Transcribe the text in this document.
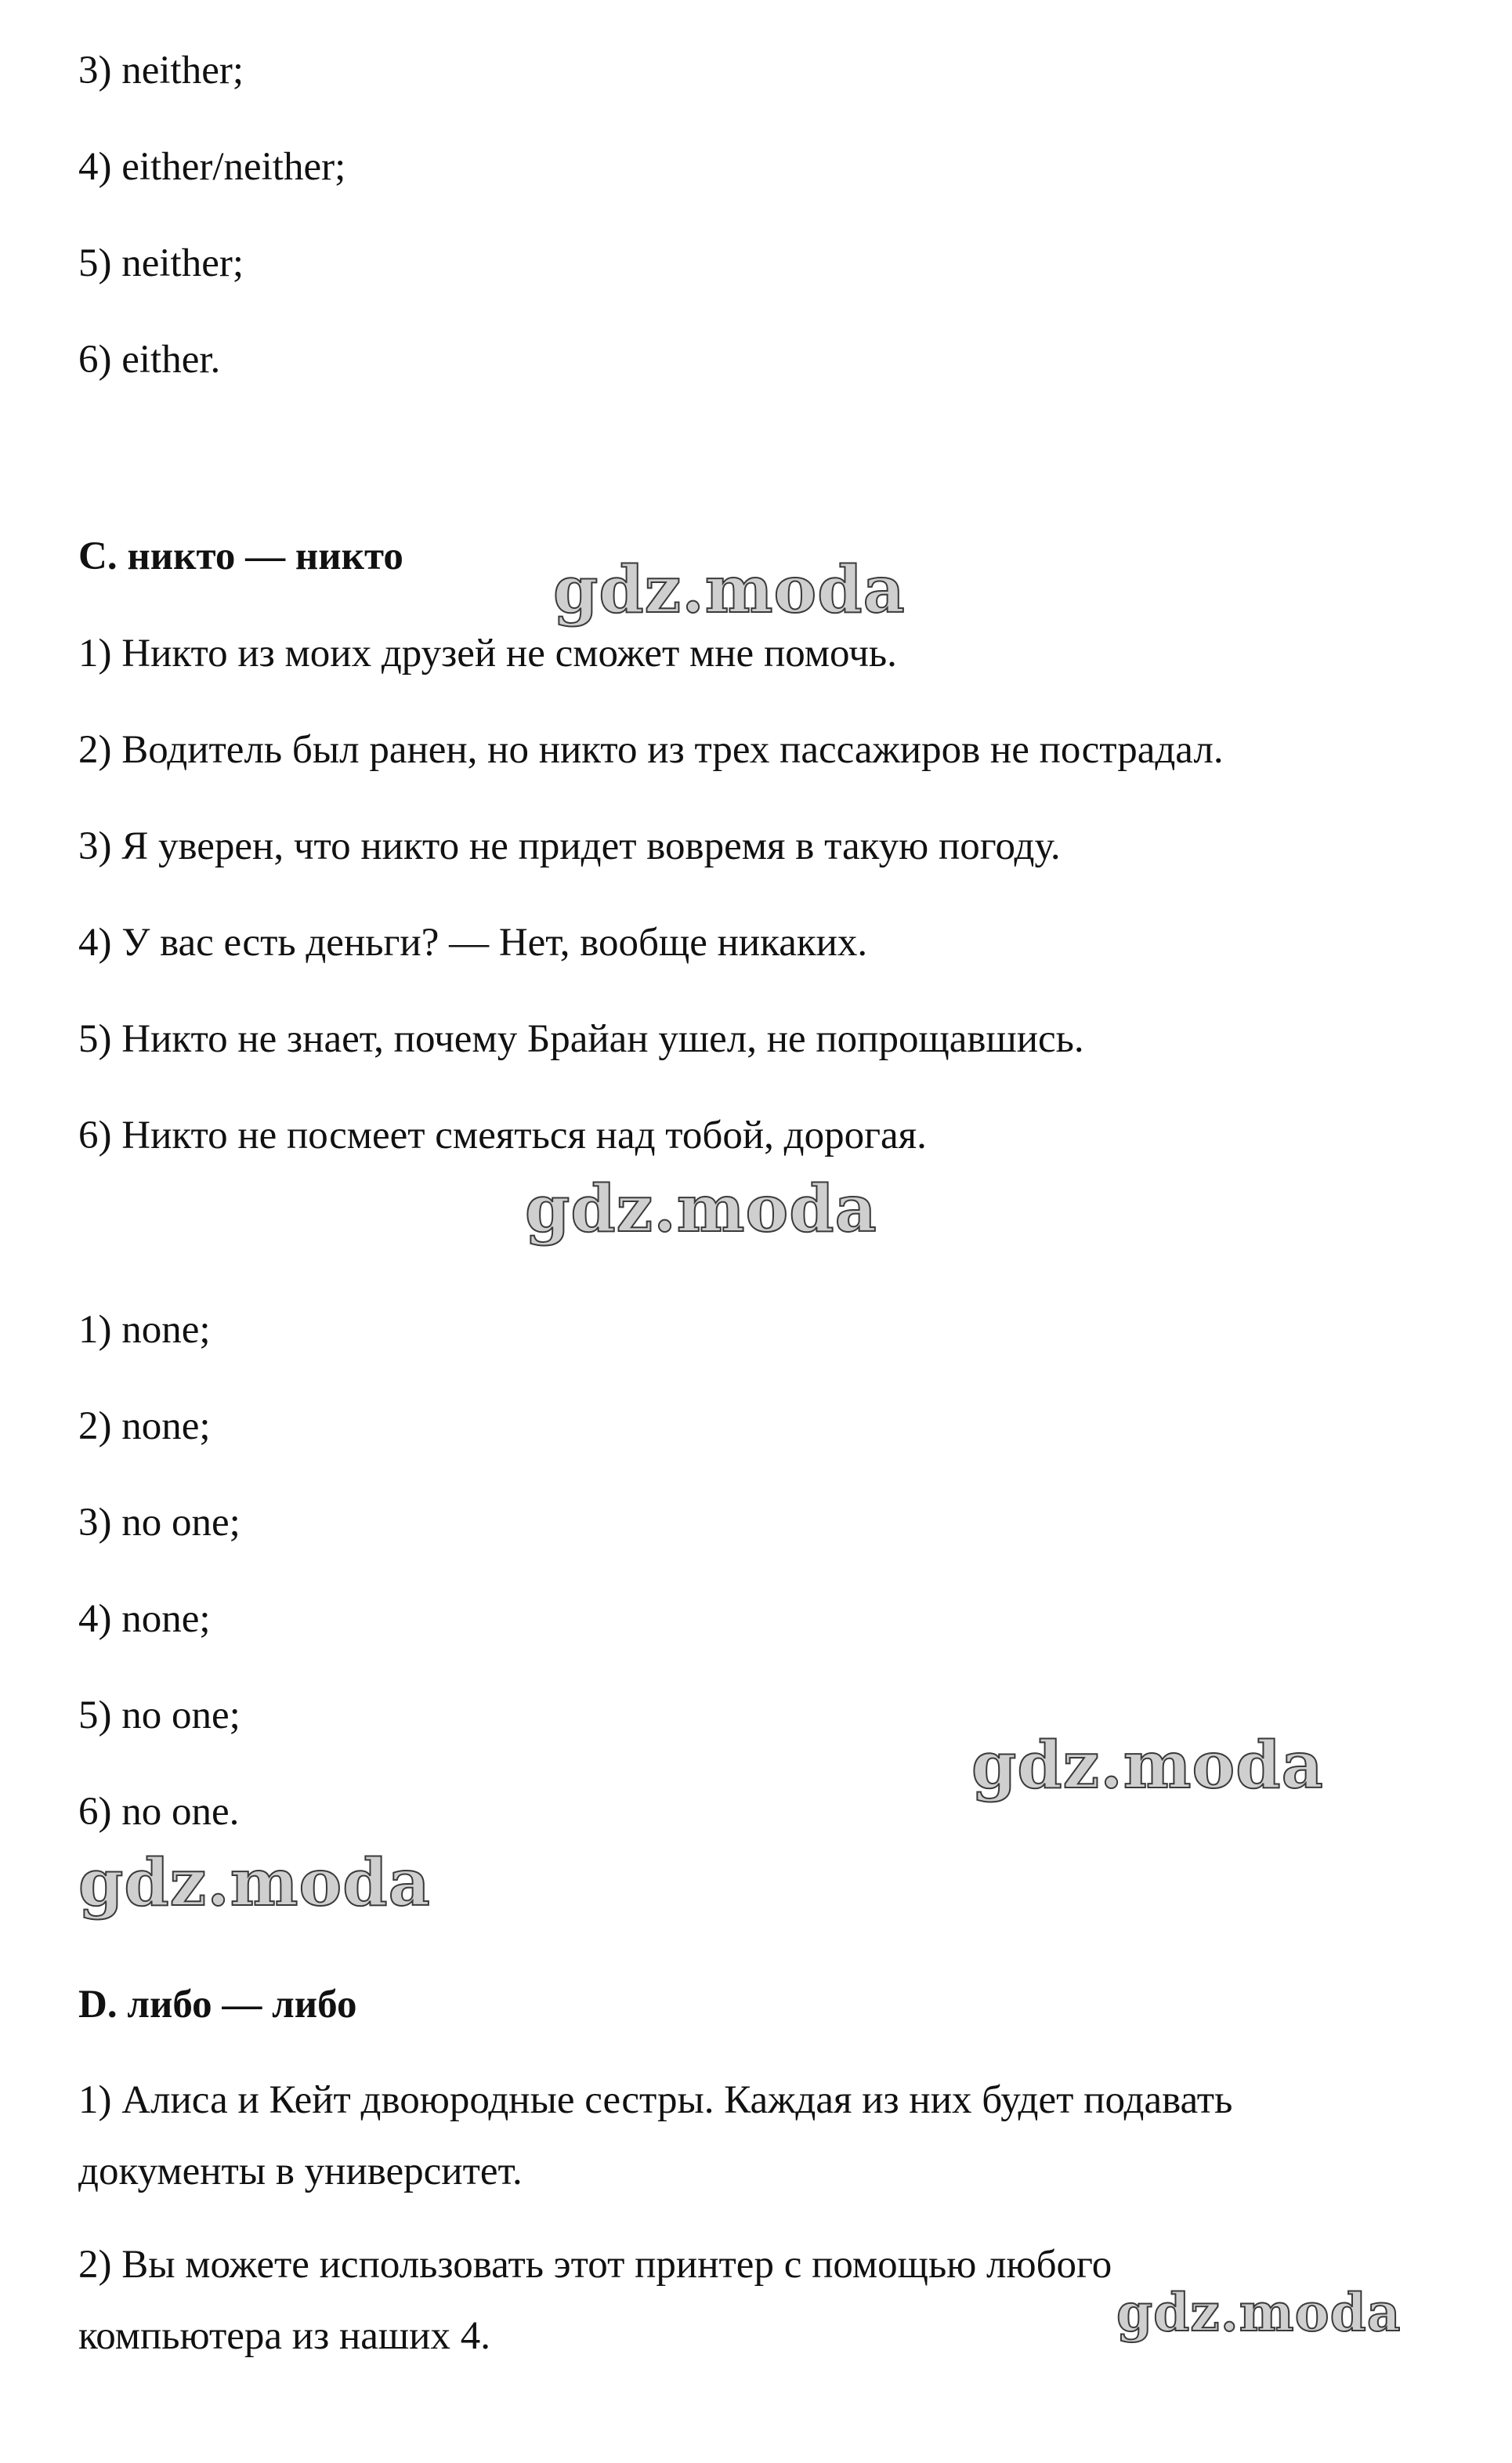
3) neither;
4) either/neither;
5) neither;
6) either.
C. никто — никто
1) Никто из моих друзей не сможет мне помочь.
2) Водитель был ранен, но никто из трех пассажиров не пострадал.
3) Я уверен, что никто не придет вовремя в такую погоду.
4) У вас есть деньги? — Нет, вообще никаких.
5) Никто не знает, почему Брайан ушел, не попрощавшись.
6) Никто не посмеет смеяться над тобой, дорогая.
1) none;
2) none;
3) no one;
4) none;
5) no one;
6) no one.
D. либо — либо
1) Алиса и Кейт двоюродные сестры. Каждая из них будет подавать
документы в университет.
2) Вы можете использовать этот принтер с помощью любого
компьютера из наших 4.
gdz.moda
gdz.moda
gdz.moda
gdz.moda
gdz.moda
